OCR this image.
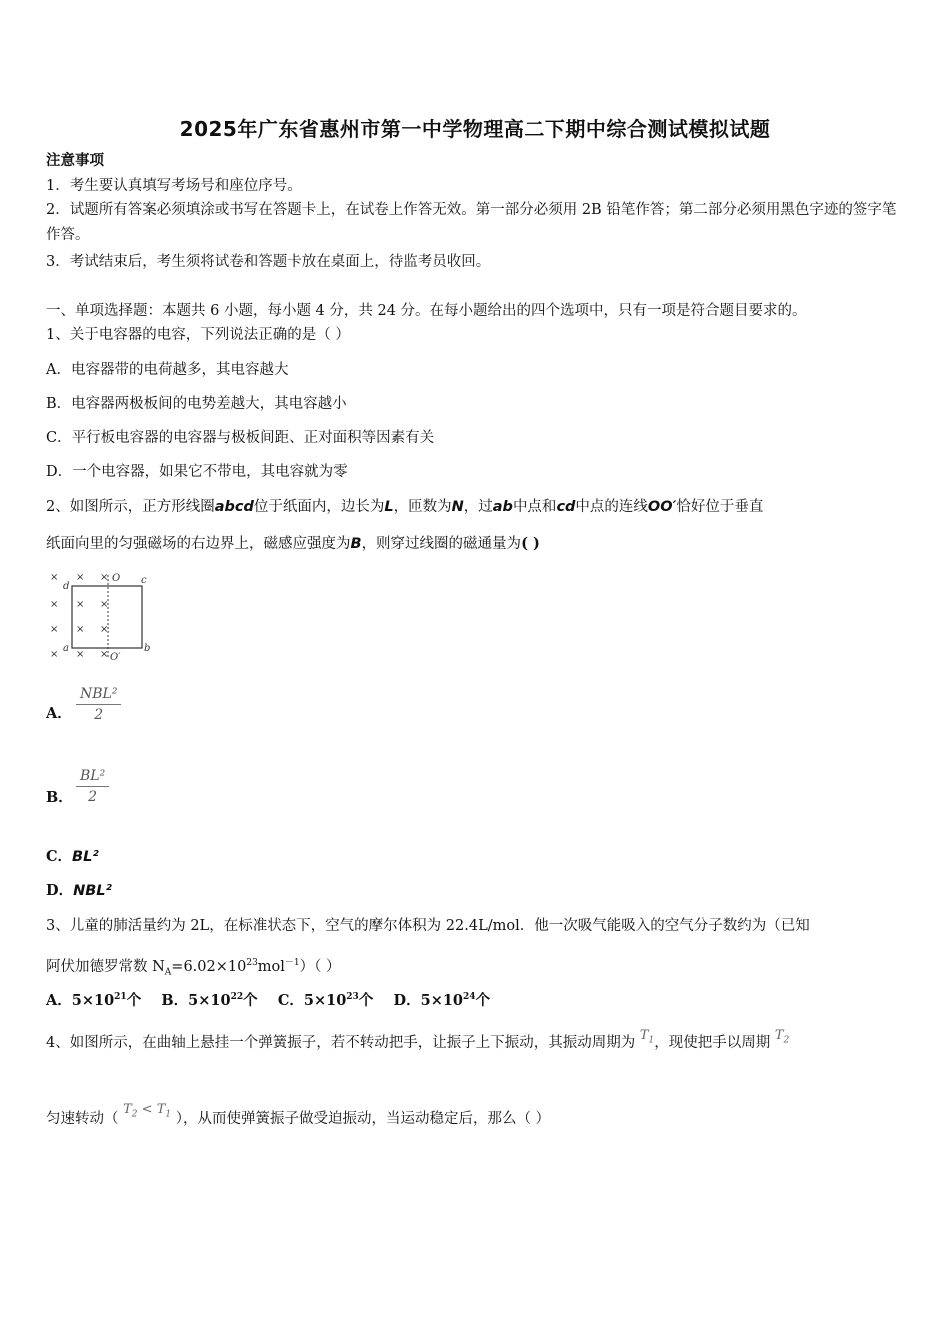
2025年广东省惠州市第一中学物理高二下期中综合测试模拟试题
注意事项
1．考生要认真填写考场号和座位序号。
2．试题所有答案必须填涂或书写在答题卡上，在试卷上作答无效。第一部分必须用 2B 铅笔作答；第二部分必须用黑色字迹的签字笔作答。
3．考试结束后，考生须将试卷和答题卡放在桌面上，待监考员收回。
一、单项选择题：本题共 6 小题，每小题 4 分，共 24 分。在每小题给出的四个选项中，只有一项是符合题目要求的。
1、关于电容器的电容，下列说法正确的是（ ）
A．电容器带的电荷越多，其电容越大
B．电容器两极板间的电势差越大，其电容越小
C．平行板电容器的电容器与极板间距、正对面积等因素有关
D．一个电容器，如果它不带电，其电容就为零
2、如图所示，正方形线圈abcd位于纸面内，边长为L，匝数为N，过ab中点和cd中点的连线OO′恰好位于垂直
纸面向里的匀强磁场的右边界上，磁感应强度为B，则穿过线圈的磁通量为( )
× × ×
× × ×
× × ×
× × ×
d
c
a	b
O
O′
A．
NBL²
2
B． $\frac{\text{BL²}}{2}$
C．BL²
D．NBL²
3、儿童的肺活量约为 2L，在标准状态下，空气的摩尔体积为 22.4L/mol．他一次吸气能吸入的空气分子数约为（已知
阿伏加德罗常数 $N_A=6.02\times 10^{23}mol^{-1}$）（ ）
A．$5\times 10^{21}$个 B．$5\times 10^{22}$个 C．$5\times 10^{23}$个 D．$5\times 10^{24}$个
4、如图所示，在曲轴上悬挂一个弹簧振子，若不转动把手，让振子上下振动，其振动周期为 $T_1$，现使把手以周期 $T_2$
匀速转动（ $T_2 < T_1$ ），从而使弹簧振子做受迫振动，当运动稳定后，那么（ ）
